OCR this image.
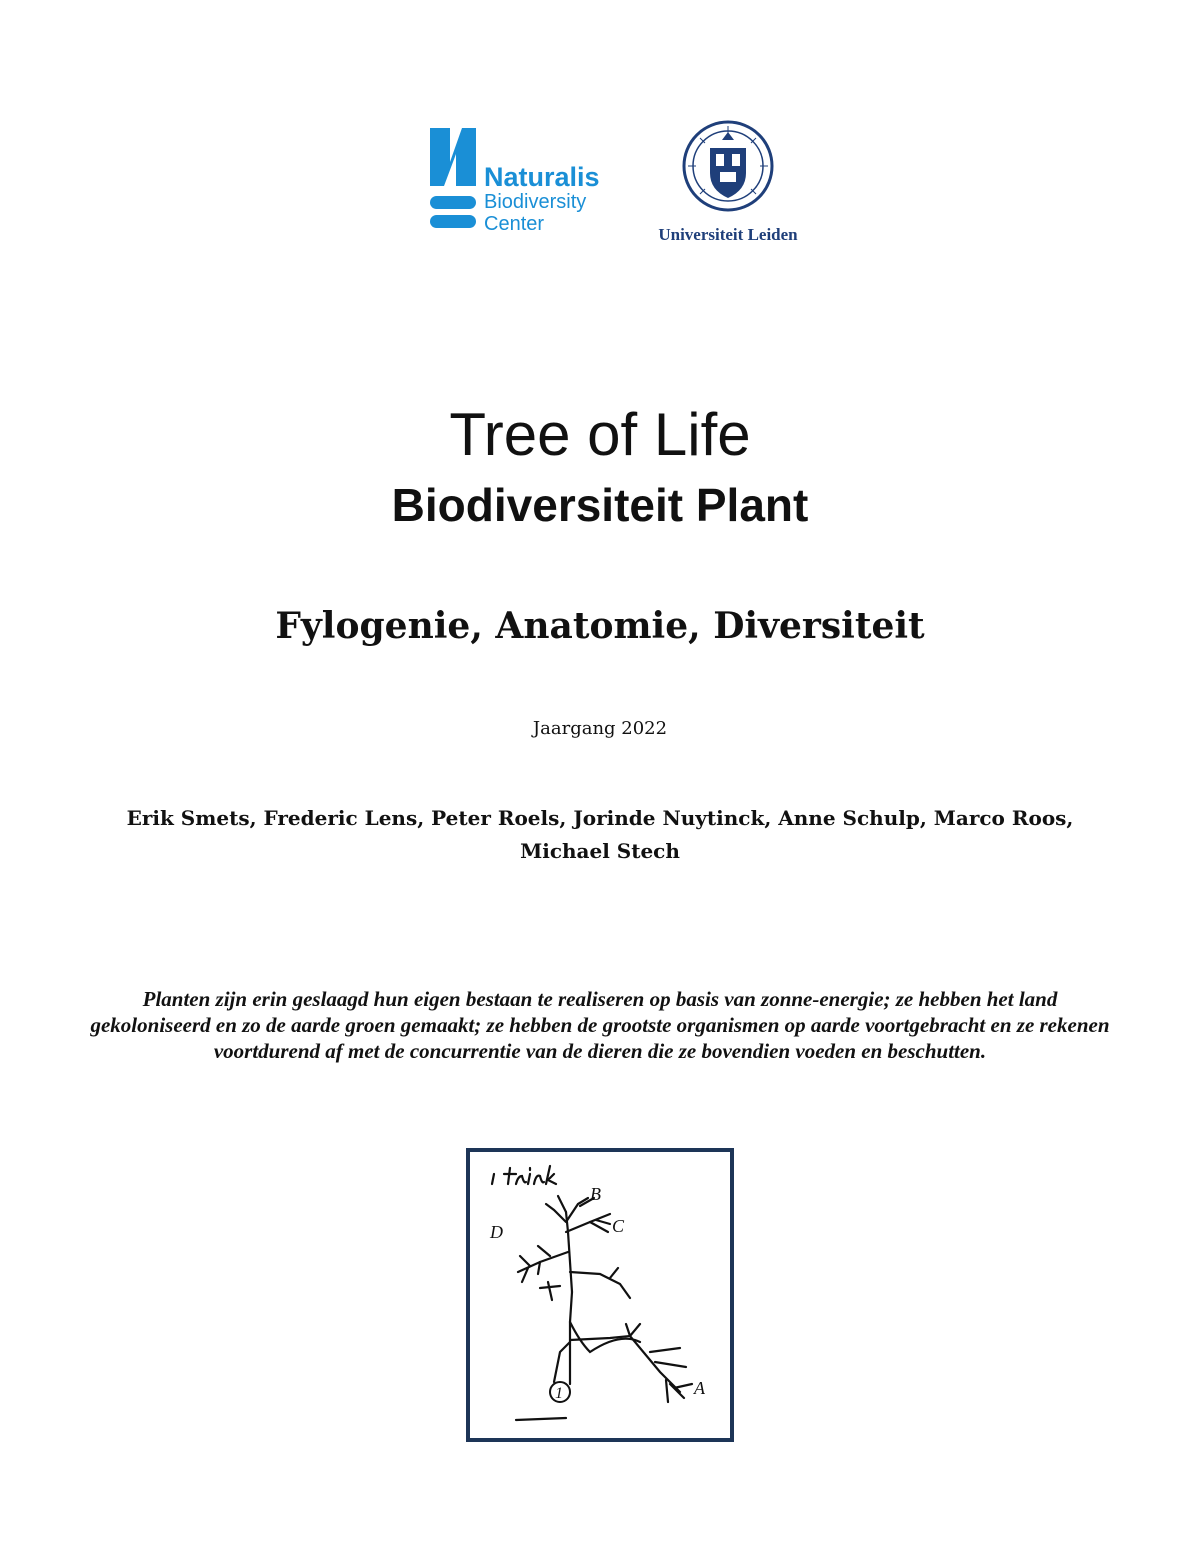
Naturalis
Biodiversity
Center	Universiteit Leiden
Tree of Life
Biodiversiteit Plant
Fylogenie, Anatomie, Diversiteit

Jaargang 2022

Erik Smets, Frederic Lens, Peter Roels, Jorinde Nuytinck, Anne Schulp, Marco Roos, Michael Stech

Planten zijn erin geslaagd hun eigen bestaan te realiseren op basis van zonne-energie; ze hebben het land gekoloniseerd en zo de aarde groen gemaakt; ze hebben de grootste organismen op aarde voortgebracht en ze rekenen voortdurend af met de concurrentie van de dieren die ze bovendien voeden en beschutten.

B
C
D
A
1
I think
